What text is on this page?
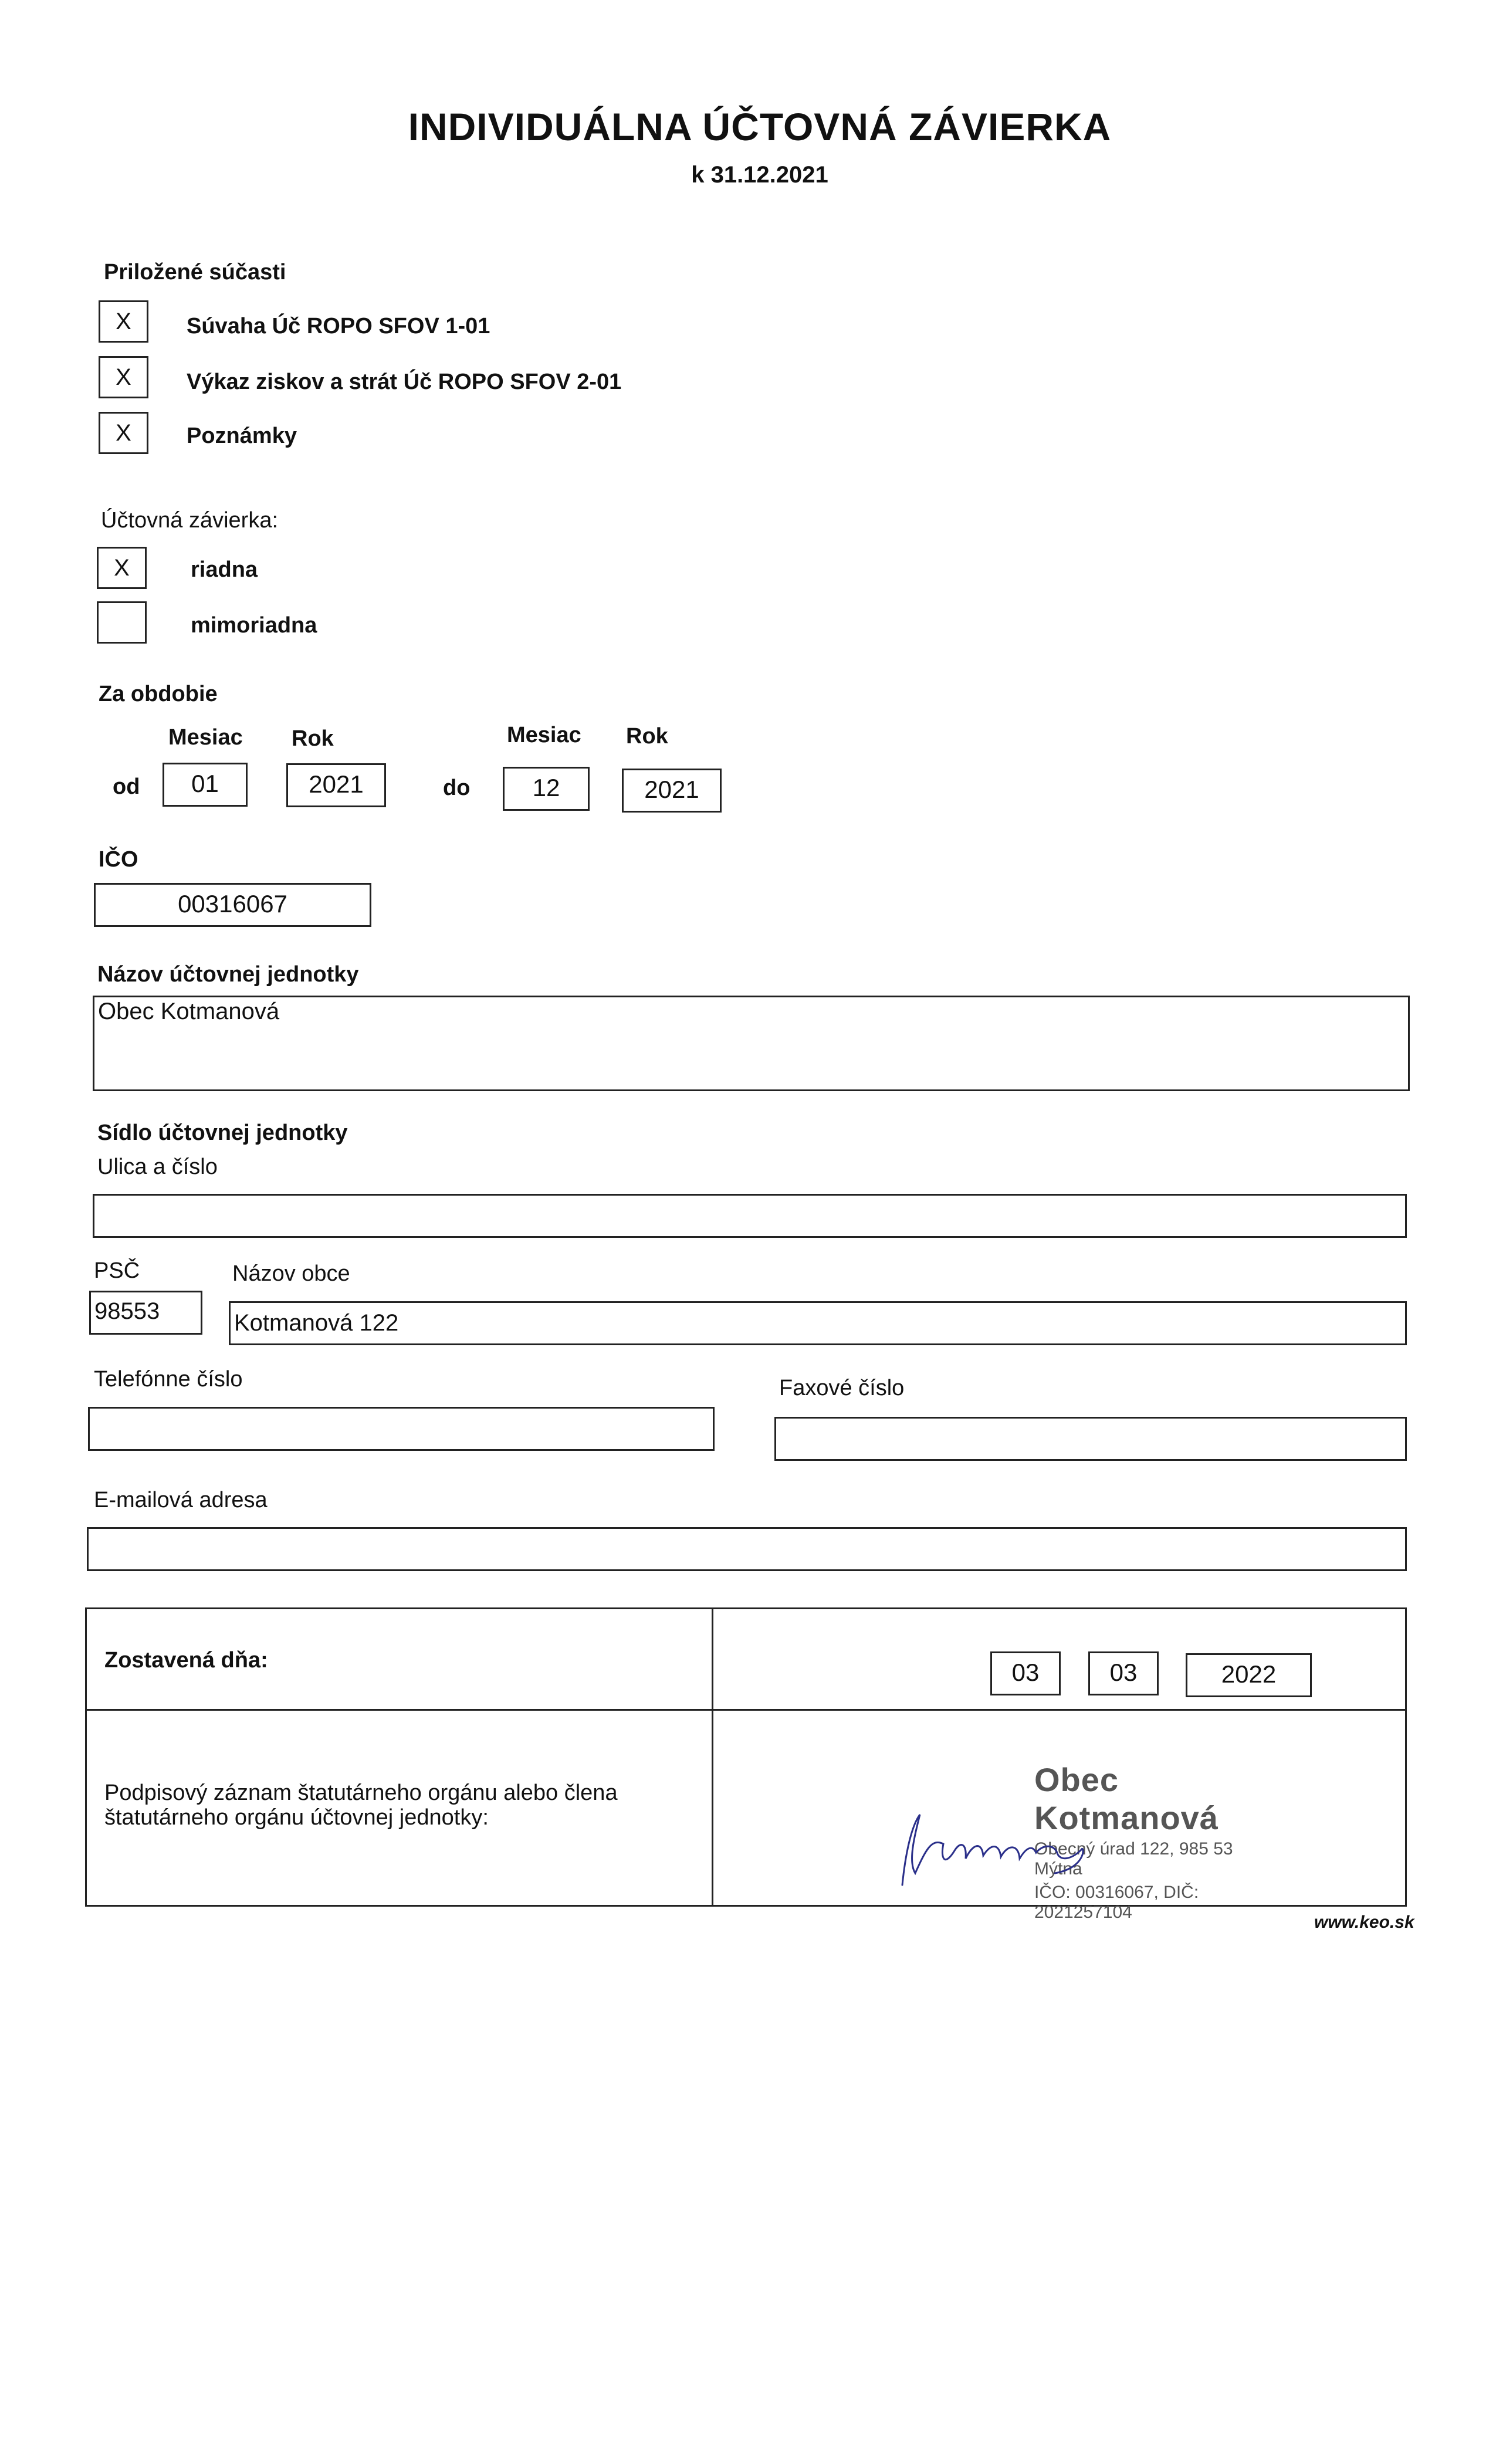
INDIVIDUÁLNA ÚČTOVNÁ ZÁVIERKA
k 31.12.2021
Priložené súčasti
X	Súvaha Úč ROPO SFOV 1-01
X	Výkaz ziskov a strát Úč ROPO SFOV 2-01
X	Poznámky
Účtovná závierka:
X	riadna
mimoriadna
Za obdobie
Mesiac Rok	Mesiac Rok
od	01	2021	do	12	2021
IČO
00316067
Názov účtovnej jednotky
Obec Kotmanová
Sídlo účtovnej jednotky
Ulica a číslo
PSČ	Názov obce
98553	Kotmanová 122
Telefónne číslo	Faxové číslo
E-mailová adresa
Zostavená dňa:	03	03	2022
Podpisový záznam štatutárneho orgánu alebo člena
štatutárneho orgánu účtovnej jednotky:
Obec Kotmanová
Obecný úrad 122, 985 53 Mýtna
IČO: 00316067, DIČ: 2021257104
www.keo.sk
